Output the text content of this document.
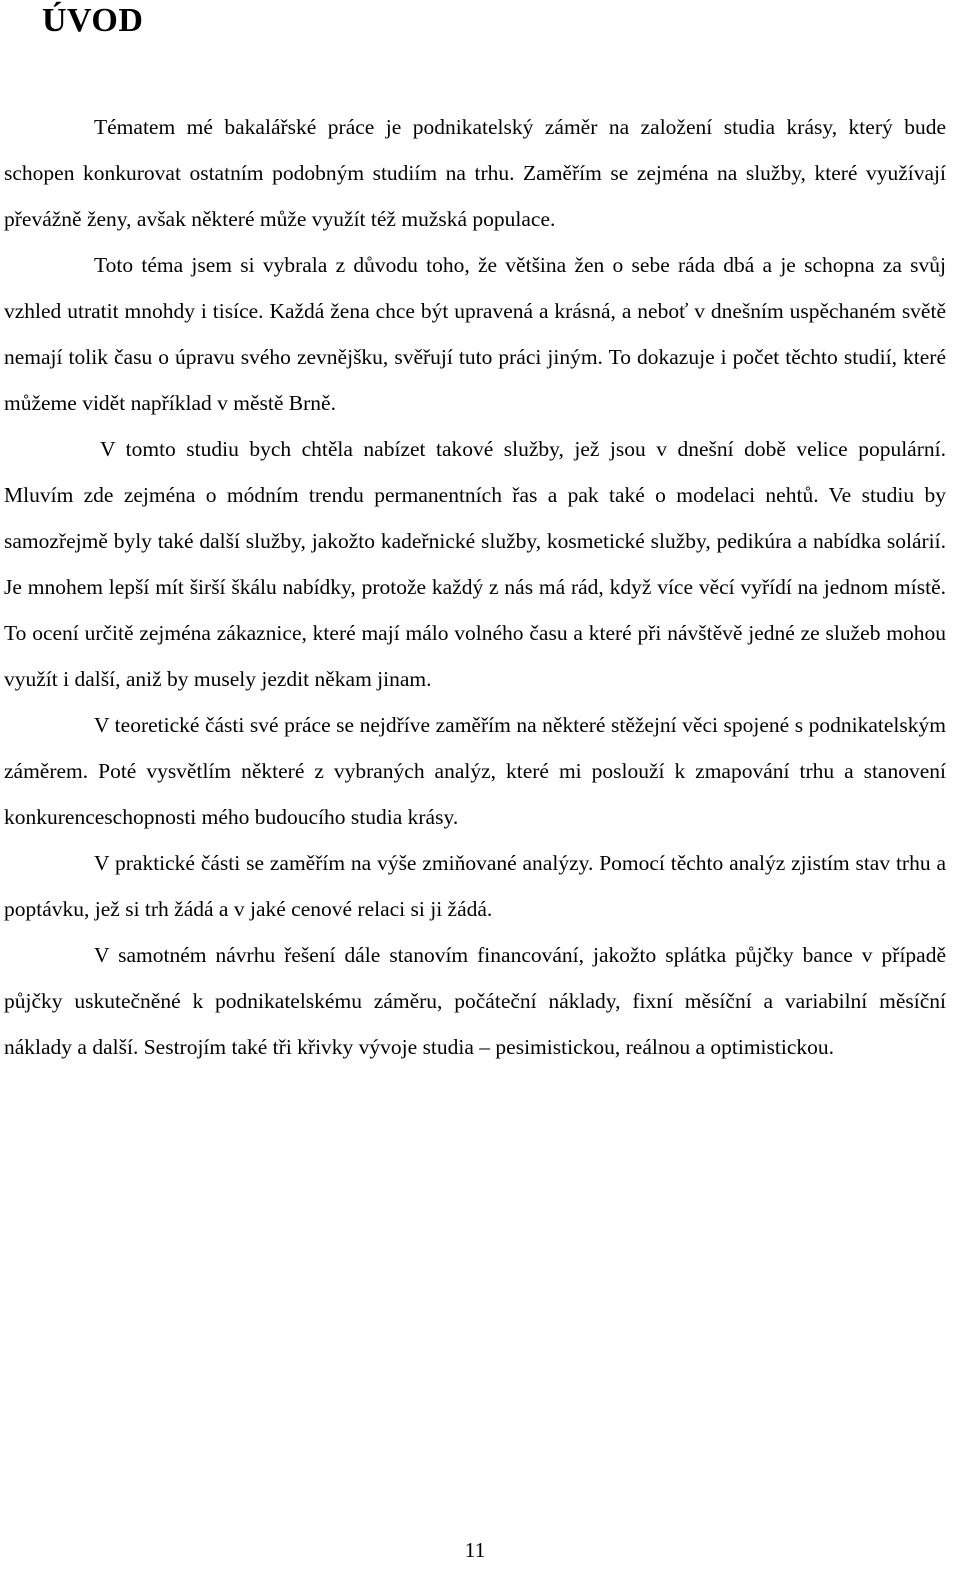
ÚVOD

Tématem mé bakalářské práce je podnikatelský záměr na založení studia krásy, který bude schopen konkurovat ostatním podobným studiím na trhu. Zaměřím se zejména na služby, které využívají převážně ženy, avšak některé může využít též mužská populace.

Toto téma jsem si vybrala z důvodu toho, že většina žen o sebe ráda dbá a je schopna za svůj vzhled utratit mnohdy i tisíce. Každá žena chce být upravená a krásná, a neboť v dnešním uspěchaném světě nemají tolik času o úpravu svého zevnějšku, svěřují tuto práci jiným. To dokazuje i počet těchto studií, které můžeme vidět například v městě Brně.

V tomto studiu bych chtěla nabízet takové služby, jež jsou v dnešní době velice populární. Mluvím zde zejména o módním trendu permanentních řas a pak také o modelaci nehtů. Ve studiu by samozřejmě byly také další služby, jakožto kadeřnické služby, kosmetické služby, pedikúra a nabídka solárií. Je mnohem lepší mít širší škálu nabídky, protože každý z nás má rád, když více věcí vyřídí na jednom místě. To ocení určitě zejména zákaznice, které mají málo volného času a které při návštěvě jedné ze služeb mohou využít i další, aniž by musely jezdit někam jinam.

V teoretické části své práce se nejdříve zaměřím na některé stěžejní věci spojené s podnikatelským záměrem. Poté vysvětlím některé z vybraných analýz, které mi poslouží k zmapování trhu a stanovení konkurenceschopnosti mého budoucího studia krásy.

V praktické části se zaměřím na výše zmiňované analýzy. Pomocí těchto analýz zjistím stav trhu a poptávku, jež si trh žádá a v jaké cenové relaci si ji žádá.

V samotném návrhu řešení dále stanovím financování, jakožto splátka půjčky bance v případě půjčky uskutečněné k podnikatelskému záměru, počáteční náklady, fixní měsíční a variabilní měsíční náklady a další. Sestrojím také tři křivky vývoje studia – pesimistickou, reálnou a optimistickou.

11
